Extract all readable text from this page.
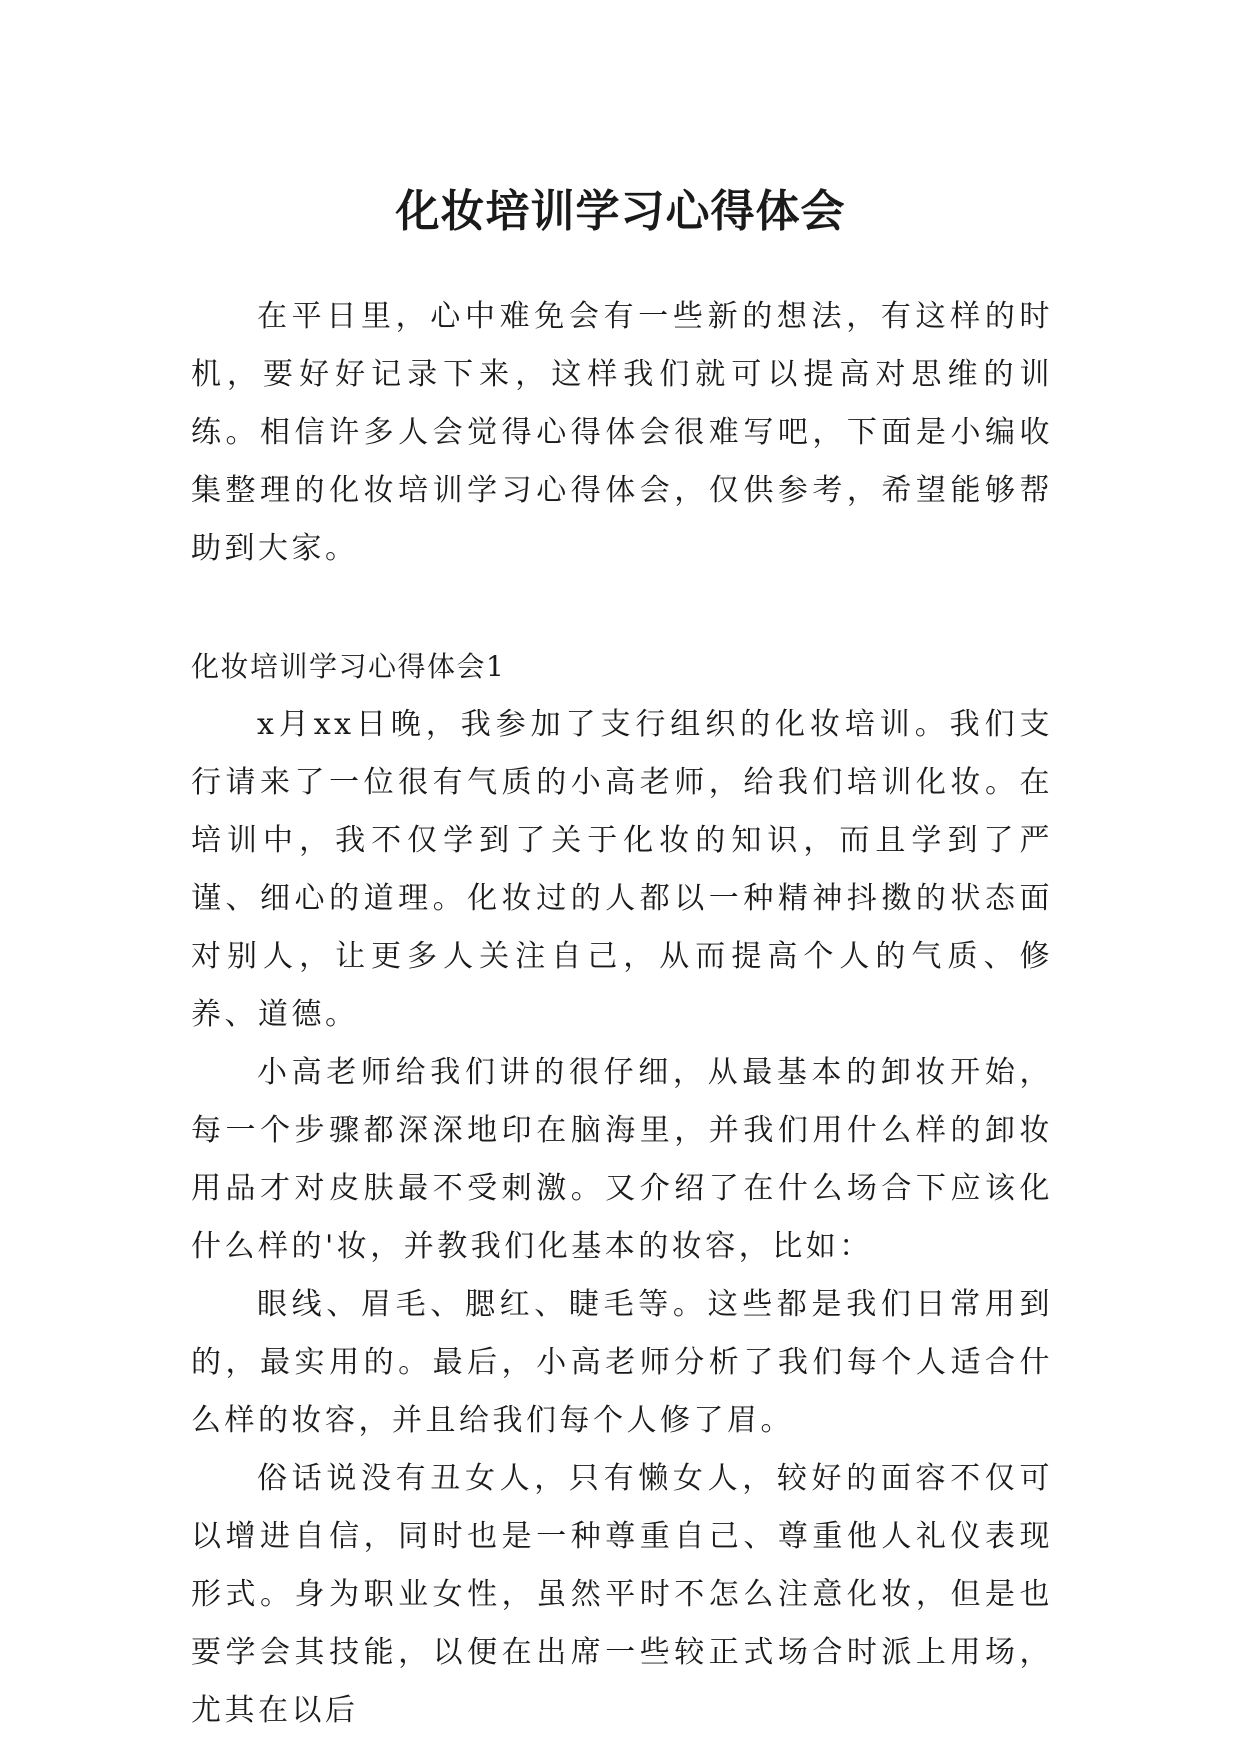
化妆培训学习心得体会

在平日里，心中难免会有一些新的想法，有这样的时机，要好好记录下来，这样我们就可以提高对思维的训练。相信许多人会觉得心得体会很难写吧，下面是小编收集整理的化妆培训学习心得体会，仅供参考，希望能够帮助到大家。

化妆培训学习心得体会1

x月xx日晚，我参加了支行组织的化妆培训。我们支行请来了一位很有气质的小高老师，给我们培训化妆。在培训中，我不仅学到了关于化妆的知识，而且学到了严谨、细心的道理。化妆过的人都以一种精神抖擞的状态面对别人，让更多人关注自己，从而提高个人的气质、修养、道德。

小高老师给我们讲的很仔细，从最基本的卸妆开始，每一个步骤都深深地印在脑海里，并我们用什么样的卸妆用品才对皮肤最不受刺激。又介绍了在什么场合下应该化什么样的'妆，并教我们化基本的妆容，比如：

眼线、眉毛、腮红、睫毛等。这些都是我们日常用到的，最实用的。最后，小高老师分析了我们每个人适合什么样的妆容，并且给我们每个人修了眉。

俗话说没有丑女人，只有懒女人，较好的面容不仅可以增进自信，同时也是一种尊重自己、尊重他人礼仪表现形式。身为职业女性，虽然平时不怎么注意化妆，但是也要学会其技能，以便在出席一些较正式场合时派上用场，尤其在以后
